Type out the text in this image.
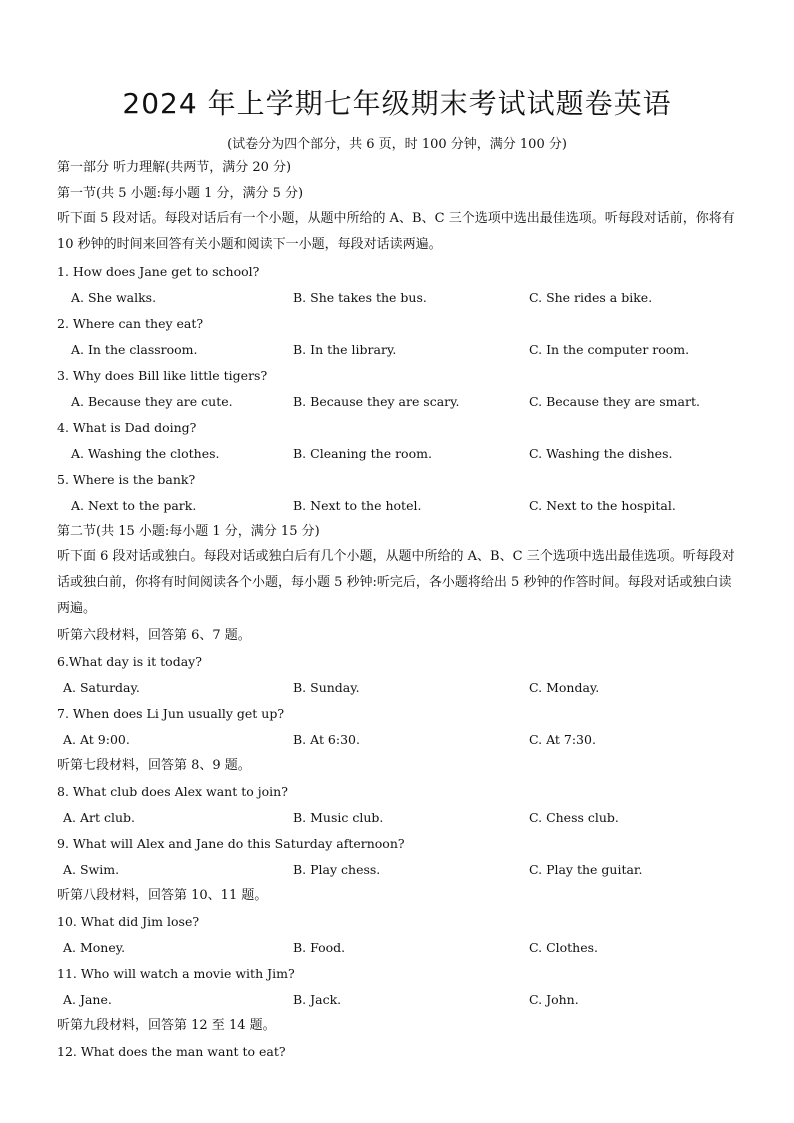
2024 年上学期七年级期末考试试题卷英语
(试卷分为四个部分，共 6 页，时 100 分钟，满分 100 分)
第一部分 听力理解(共两节，满分 20 分)
第一节(共 5 小题:每小题 1 分，满分 5 分)
听下面 5 段对话。每段对话后有一个小题，从题中所给的 A、B、C 三个选项中选出最佳选项。听每段对话前，你将有 10 秒钟的时间来回答有关小题和阅读下一小题，每段对话读两遍。
1. How does Jane get to school?
A. She walks.	B. She takes the bus.	C. She rides a bike.
2. Where can they eat?
A. In the classroom.	B. In the library.	C. In the computer room.
3. Why does Bill like little tigers?
A. Because they are cute.	B. Because they are scary.	C. Because they are smart.
4. What is Dad doing?
A. Washing the clothes.	B. Cleaning the room.	C. Washing the dishes.
5. Where is the bank?
A. Next to the park.	B. Next to the hotel.	C. Next to the hospital.
第二节(共 15 小题:每小题 1 分，满分 15 分)
听下面 6 段对话或独白。每段对话或独白后有几个小题，从题中所给的 A、B、C 三个选项中选出最佳选项。听每段对话或独白前，你将有时间阅读各个小题，每小题 5 秒钟:听完后，各小题将给出 5 秒钟的作答时间。每段对话或独白读两遍。
听第六段材料，回答第 6、7 题。
6.What day is it today?
A. Saturday.	B. Sunday.	C. Monday.
7. When does Li Jun usually get up?
A. At 9:00.	B. At 6:30.	C. At 7:30.
听第七段材料，回答第 8、9 题。
8. What club does Alex want to join?
A. Art club.	B. Music club.	C. Chess club.
9. What will Alex and Jane do this Saturday afternoon?
A. Swim.	B. Play chess.	C. Play the guitar.
听第八段材料，回答第 10、11 题。
10. What did Jim lose?
A. Money.	B. Food.	C. Clothes.
11. Who will watch a movie with Jim?
A. Jane.	B. Jack.	C. John.
听第九段材料，回答第 12 至 14 题。
12. What does the man want to eat?
